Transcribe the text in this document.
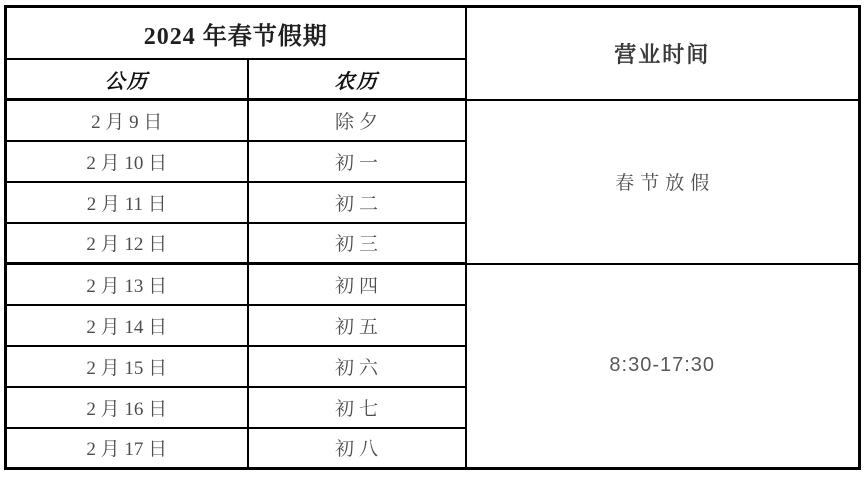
2024 年春节假期		营业时间
公历	农历	
2 月 9 日	除夕	春节放假
2 月 10 日	初一	
2 月 11 日	初二	
2 月 12 日	初三	
2 月 13 日	初四	8:30-17:30
2 月 14 日	初五	
2 月 15 日	初六	
2 月 16 日	初七	
2 月 17 日	初八	
